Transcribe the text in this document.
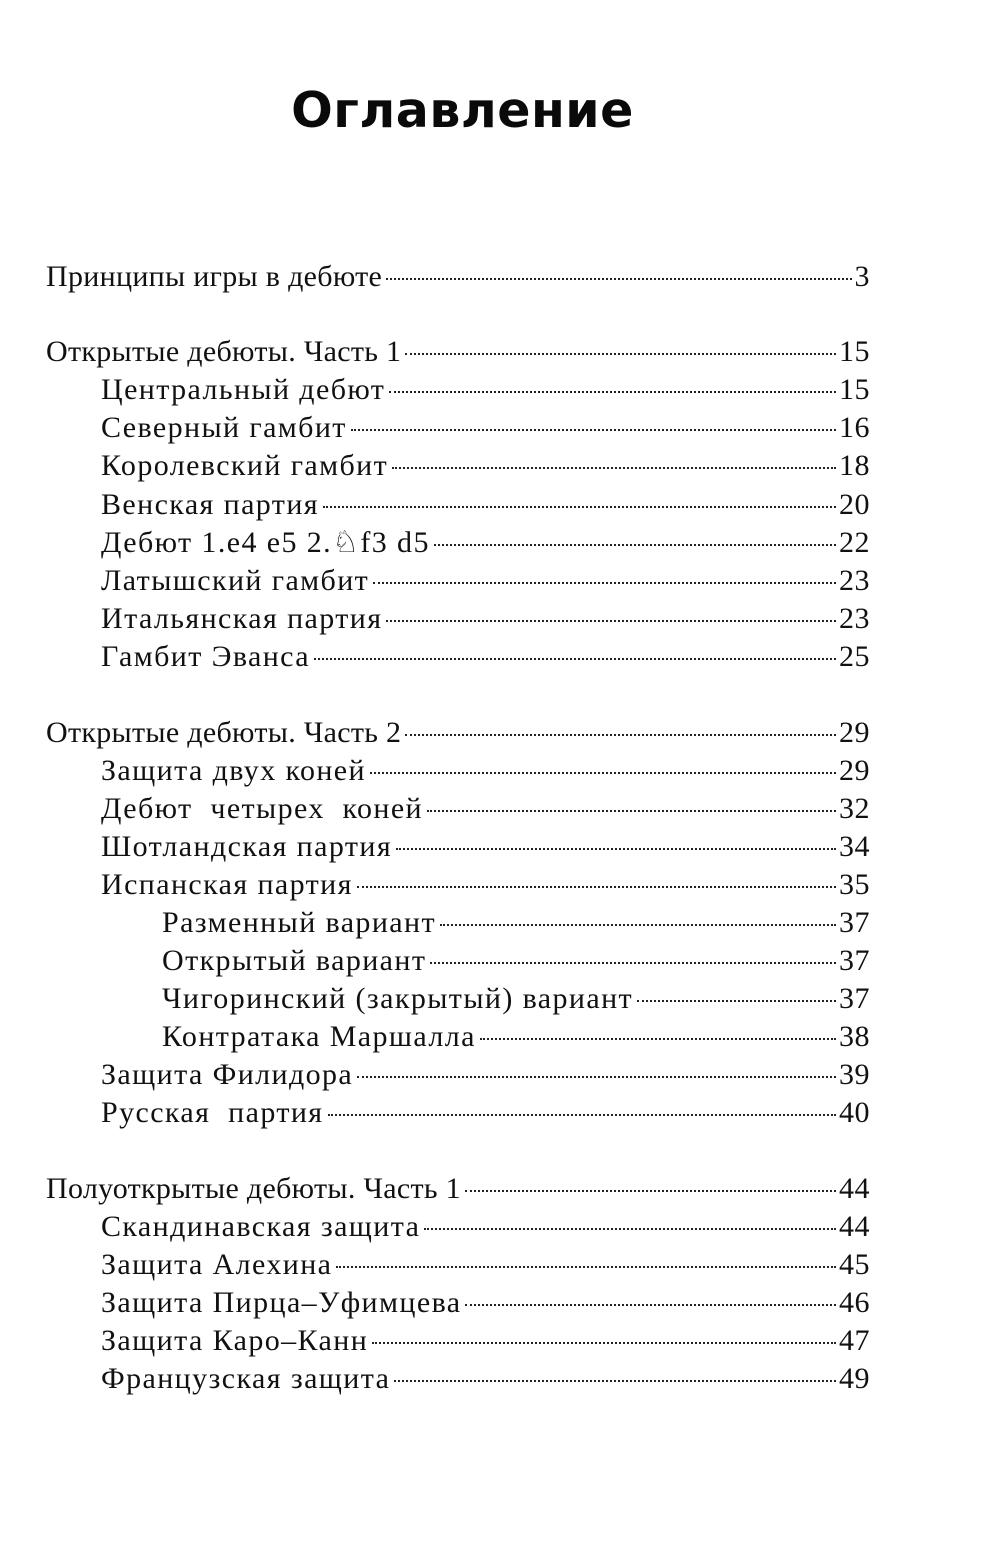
Оглавление
Принципы игры в дебюте	3
Открытые дебюты. Часть 1	15
Центральный дебют	15
Северный гамбит	16
Королевский гамбит	18
Венская партия	20
Дебют 1.e4 e5 2.♘f3 d5	22
Латышский гамбит	23
Итальянская партия	23
Гамбит Эванса	25
Открытые дебюты. Часть 2	29
Защита двух коней	29
Дебют  четырех  коней	32
Шотландская партия	34
Испанская партия	35
Разменный вариант	37
Открытый вариант	37
Чигоринский (закрытый) вариант	37
Контратака Маршалла	38
Защита Филидора	39
Русская  партия	40
Полуоткрытые дебюты. Часть 1	44
Скандинавская защита	44
Защита Алехина	45
Защита Пирца–Уфимцева	46
Защита Каро–Канн	47
Французская защита	49
